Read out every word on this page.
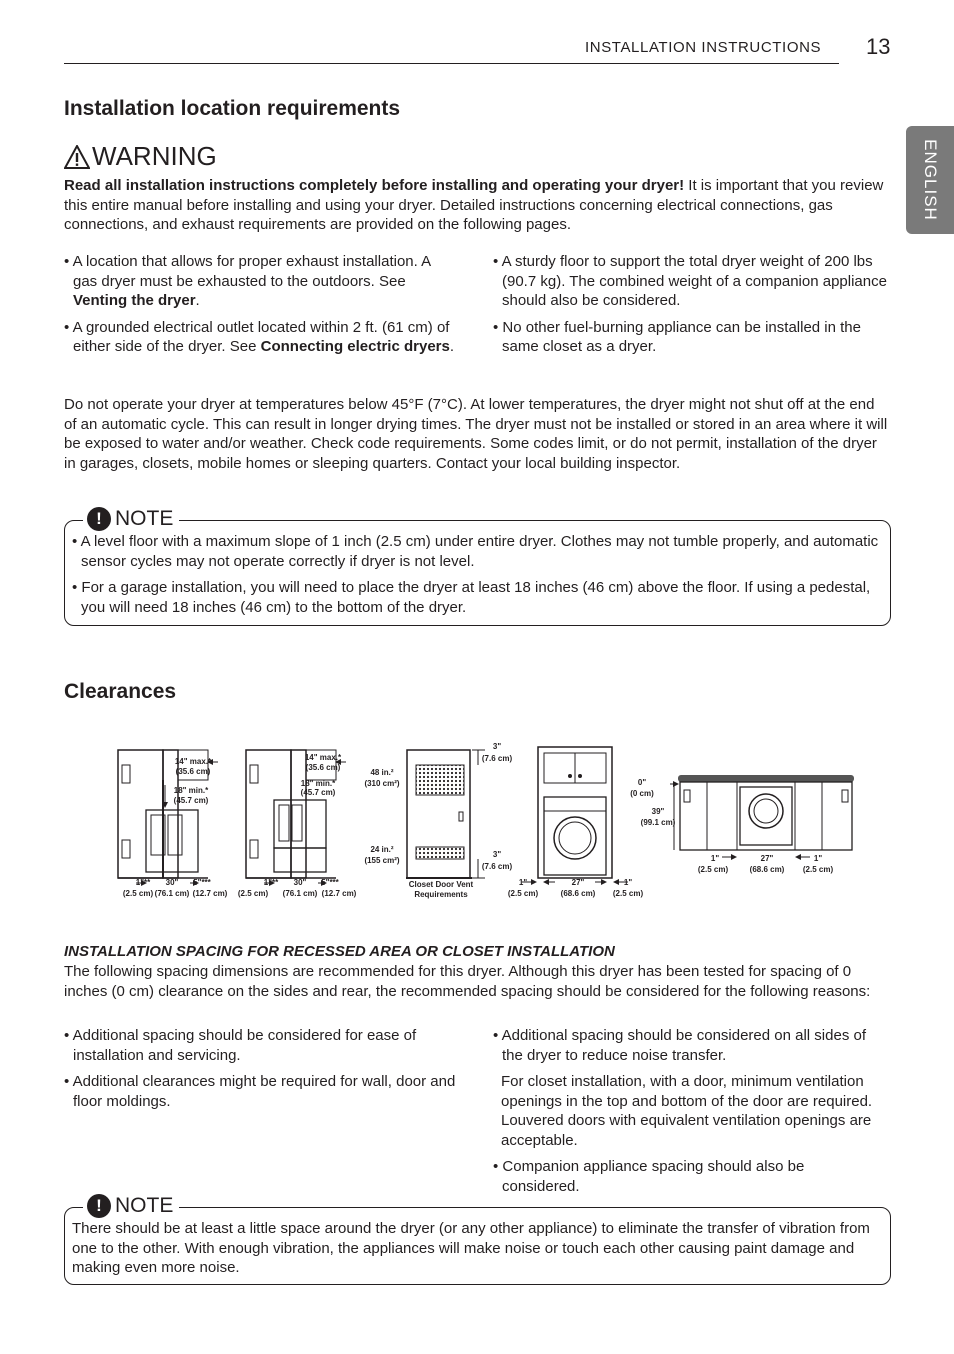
INSTALLATION INSTRUCTIONS 13
ENGLISH
Installation location requirements
WARNING

Read all installation instructions completely before installing and operating your dryer! It is important that you review this entire manual before installing and using your dryer. Detailed instructions concerning electrical connections, gas connections, and exhaust requirements are provided on the following pages.

• A location that allows for proper exhaust installation. A gas dryer must be exhausted to the outdoors. See Venting the dryer.

• A grounded electrical outlet located within 2 ft. (61 cm) of either side of the dryer. See Connecting electric dryers.

• A sturdy floor to support the total dryer weight of 200 lbs (90.7 kg). The combined weight of a companion appliance should also be considered.

• No other fuel-burning appliance can be installed in the same closet as a dryer.

Do not operate your dryer at temperatures below 45°F (7°C). At lower temperatures, the dryer might not shut off at the end of an automatic cycle. This can result in longer drying times. The dryer must not be installed or stored in an area where it will be exposed to water and/or weather. Check code requirements. Some codes limit, or do not permit, installation of the dryer in garages, closets, mobile homes or sleeping quarters. Contact your local building inspector.

! NOTE

• A level floor with a maximum slope of 1 inch (2.5 cm) under entire dryer. Clothes may not tumble properly, and automatic sensor cycles may not operate correctly if dryer is not level.

• For a garage installation, you will need to place the dryer at least 18 inches (46 cm) above the floor. If using a pedestal, you will need 18 inches (46 cm) to the bottom of the dryer.

Clearances
14" max.*
(35.6 cm)
18" min.*
(45.7 cm)
1"** 30" 5"***
(2.5 cm) (76.1 cm) (12.7 cm)
14" max.*
(35.6 cm)
18" min.*
(45.7 cm)
1"** 30" 5"***
(2.5 cm) (76.1 cm) (12.7 cm)
48 in.²
(310 cm²)
24 in.²
(155 cm²)
3"
(7.6 cm)
3"
(7.6 cm)
Closet Door Vent
Requirements
1"	27"	1"
(2.5 cm)	(68.6 cm) (2.5 cm)
0"
(0 cm)
39"
(99.1 cm)
1"	27"	1"
(2.5 cm)	(68.6 cm) (2.5 cm)
INSTALLATION SPACING FOR RECESSED AREA OR CLOSET INSTALLATION

The following spacing dimensions are recommended for this dryer. Although this dryer has been tested for spacing of 0 inches (0 cm) clearance on the sides and rear, the recommended spacing should be considered for the following reasons:

• Additional spacing should be considered for ease of installation and servicing.

• Additional clearances might be required for wall, door and floor moldings.

• Additional spacing should be considered on all sides of the dryer to reduce noise transfer.

For closet installation, with a door, minimum ventilation openings in the top and bottom of the door are required. Louvered doors with equivalent ventilation openings are acceptable.

• Companion appliance spacing should also be considered.

! NOTE

There should be at least a little space around the dryer (or any other appliance) to eliminate the transfer of vibration from one to the other. With enough vibration, the appliances will make noise or touch each other causing paint damage and making even more noise.
